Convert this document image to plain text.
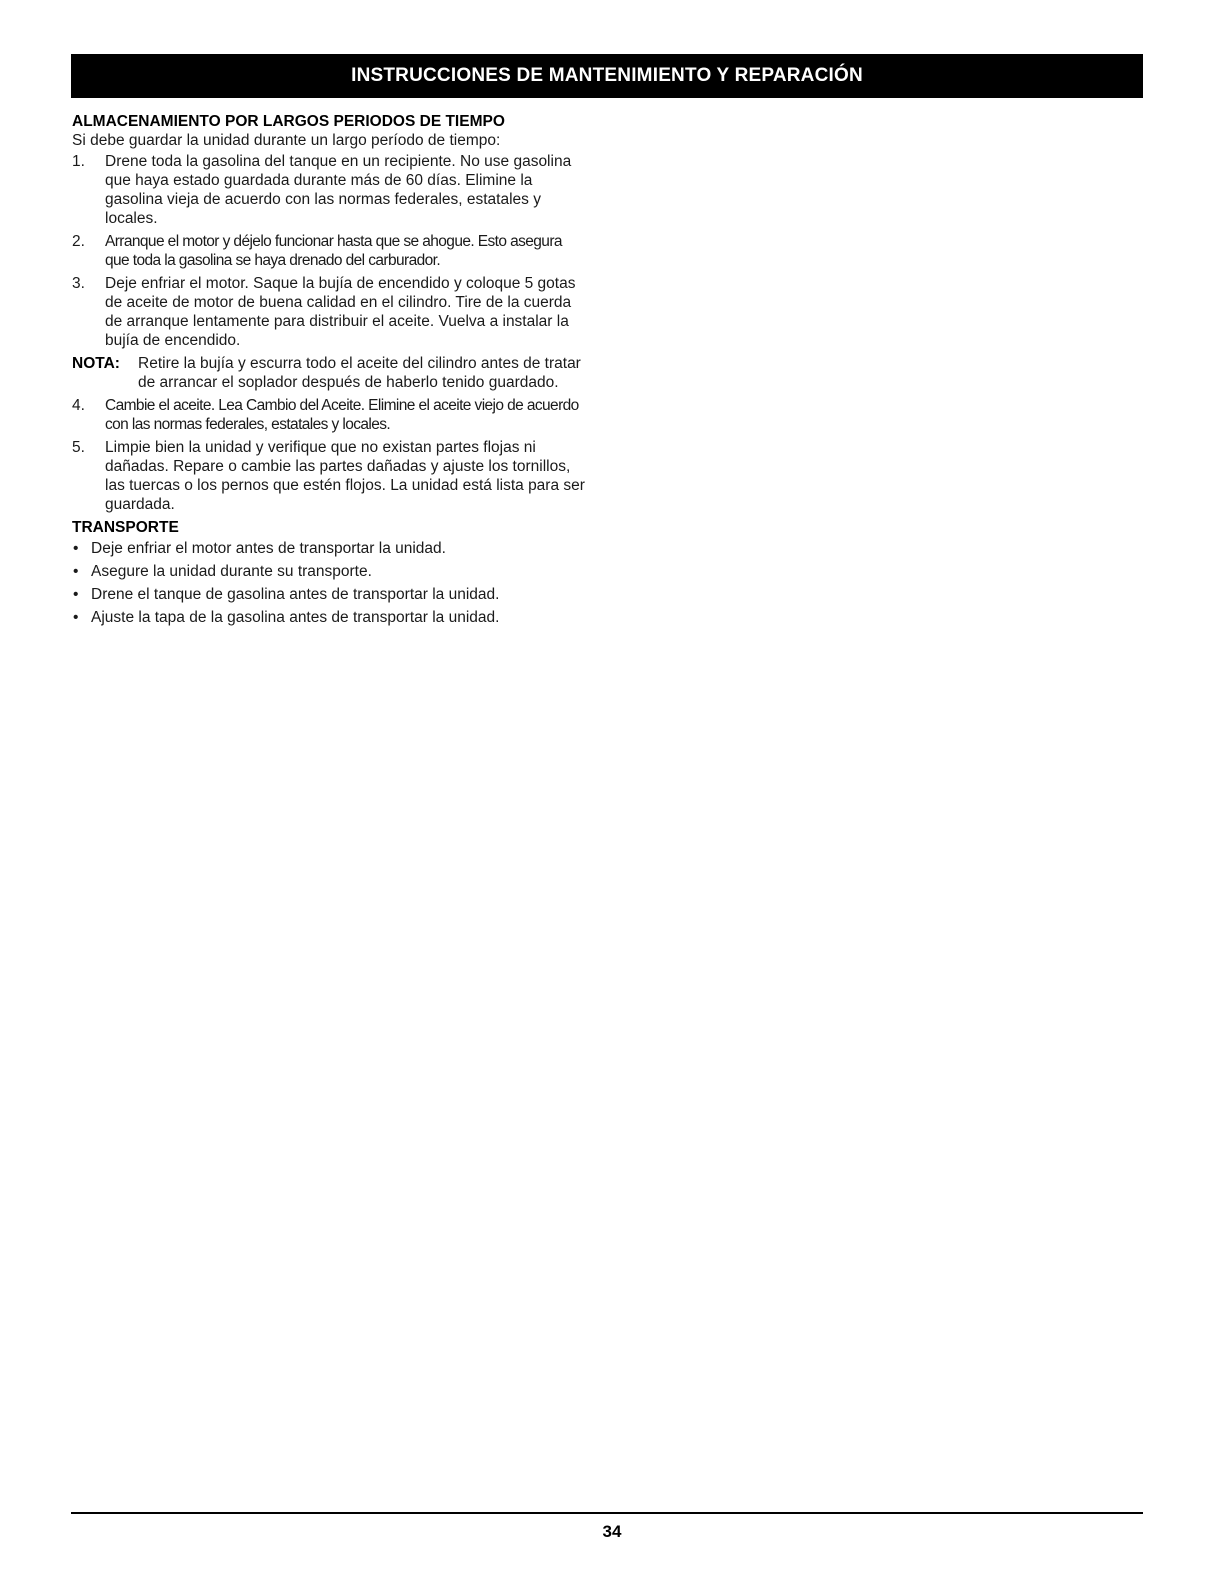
INSTRUCCIONES DE MANTENIMIENTO Y REPARACIÓN

ALMACENAMIENTO POR LARGOS PERIODOS DE TIEMPO

Si debe guardar la unidad durante un largo período de tiempo:

1.	Drene toda la gasolina del tanque en un recipiente. No use gasolina que haya estado guardada durante más de 60 días. Elimine la gasolina vieja de acuerdo con las normas federales, estatales y locales.
2.	Arranque el motor y déjelo funcionar hasta que se ahogue. Esto asegura que toda la gasolina se haya drenado del carburador.
3.	Deje enfriar el motor. Saque la bujía de encendido y coloque 5 gotas de aceite de motor de buena calidad en el cilindro. Tire de la cuerda de arranque lentamente para distribuir el aceite. Vuelva a instalar la bujía de encendido.
NOTA:	Retire la bujía y escurra todo el aceite del cilindro antes de tratar de arrancar el soplador después de haberlo tenido guardado.
4.	Cambie el aceite. Lea Cambio del Aceite. Elimine el aceite viejo de acuerdo con las normas federales, estatales y locales.
5.	Limpie bien la unidad y verifique que no existan partes flojas ni dañadas. Repare o cambie las partes dañadas y ajuste los tornillos, las tuercas o los pernos que estén flojos. La unidad está lista para ser guardada.

TRANSPORTE

• Deje enfriar el motor antes de transportar la unidad.
• Asegure la unidad durante su transporte.
• Drene el tanque de gasolina antes de transportar la unidad.
• Ajuste la tapa de la gasolina antes de transportar la unidad.
34
